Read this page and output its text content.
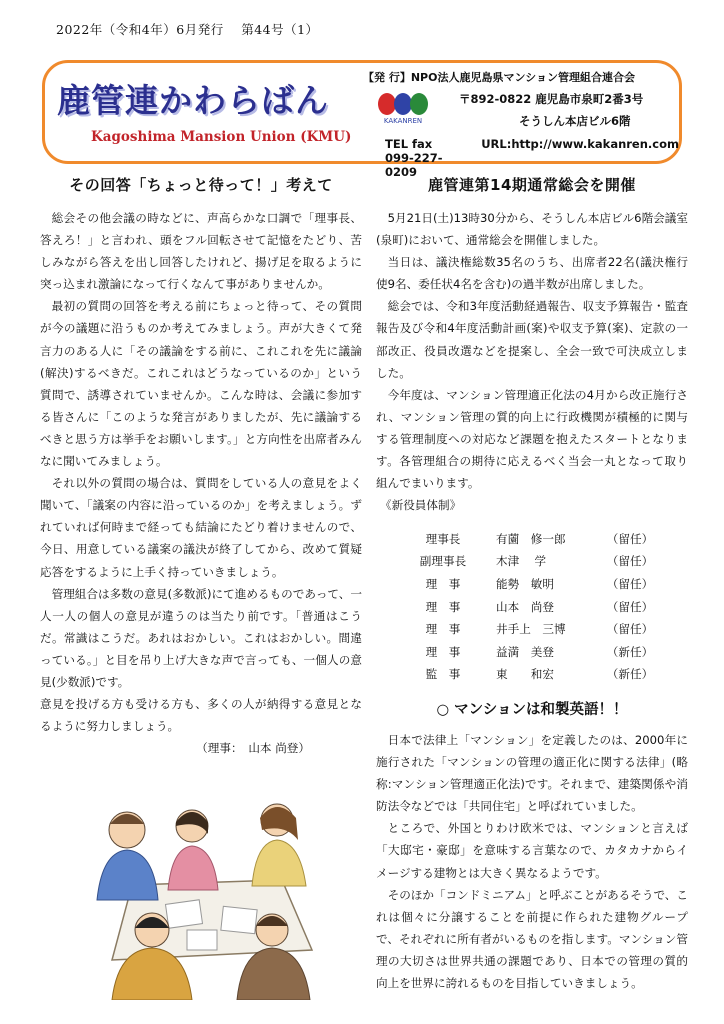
2022年（令和4年）6月発行　 第44号（1）
鹿管連かわらばん
Kagoshima Mansion Union (KMU)
【発 行】NPO法人鹿児島県マンション管理組合連合会
KAKANREN
〒892-0822 鹿児島市泉町2番3号
そうしん本店ビル6階
TEL fax 099-227-0209
URL:http://www.kakanren.com
その回答「ちょっと待って！」考えて

総会その他会議の時などに、声高らかな口調で「理事長、答えろ！」と言われ、頭をフル回転させて記憶をたどり、苦しみながら答えを出し回答したけれど、揚げ足を取るように突っ込まれ激論になって行くなんて事がありませんか。

最初の質問の回答を考える前にちょっと待って、その質問が今の議題に沿うものか考えてみましょう。声が大きくて発言力のある人に「その議論をする前に、これこれを先に議論(解決)するべきだ。これこれはどうなっているのか」という質問で、誘導されていませんか。こんな時は、会議に参加する皆さんに「このような発言がありましたが、先に議論するべきと思う方は挙手をお願いします。」と方向性を出席者みんなに聞いてみましょう。

それ以外の質問の場合は、質問をしている人の意見をよく聞いて、「議案の内容に沿っているのか」を考えましょう。ずれていれば何時まで経っても結論にたどり着けませんので、今日、用意している議案の議決が終了してから、改めて質疑応答をするように上手く持っていきましょう。

管理組合は多数の意見(多数派)にて進めるものであって、一人一人の個人の意見が違うのは当たり前です。「普通はこうだ。常識はこうだ。あれはおかしい。これはおかしい。間違っている。」と目を吊り上げ大きな声で言っても、一個人の意見(少数派)です。

意見を投げる方も受ける方も、多くの人が納得する意見となるように努力しましょう。

（理事：　山本 尚登）

鹿管連第14期通常総会を開催

5月21日(土)13時30分から、そうしん本店ビル6階会議室(泉町)において、通常総会を開催しました。

当日は、議決権総数35名のうち、出席者22名(議決権行使9名、委任状4名を含む)の過半数が出席しました。

総会では、令和3年度活動経過報告、収支予算報告・監査報告及び令和4年度活動計画(案)や収支予算(案)、定款の一部改正、役員改選などを提案し、全会一致で可決成立しました。

今年度は、マンション管理適正化法の4月から改正施行され、マンション管理の質的向上に行政機関が積極的に関与する管理制度への対応など課題を抱えたスタートとなります。各管理組合の期待に応えるべく当会一丸となって取り組んでまいります。

《新役員体制》

理事長	有薗　修一郎	（留任）
副理事長	木津　 学	（留任）
理　事	能勢　敏明	（留任）
理　事	山本　尚登	（留任）
理　事	井手上　三博	（留任）
理　事	益満　美登	（新任）
監　事	東　　和宏	（新任）
○ マンションは和製英語！！

日本で法律上「マンション」を定義したのは、2000年に施行された「マンションの管理の適正化に関する法律」(略称:マンション管理適正化法)です。それまで、建築関係や消防法令などでは「共同住宅」と呼ばれていました。

ところで、外国とりわけ欧米では、マンションと言えば「大邸宅・豪邸」を意味する言葉なので、カタカナからイメージする建物とは大きく異なるようです。

そのほか「コンドミニアム」と呼ぶことがあるそうで、これは個々に分譲することを前提に作られた建物グループで、それぞれに所有者がいるものを指します。マンション管理の大切さは世界共通の課題であり、日本での管理の質的向上を世界に誇れるものを目指していきましょう。
